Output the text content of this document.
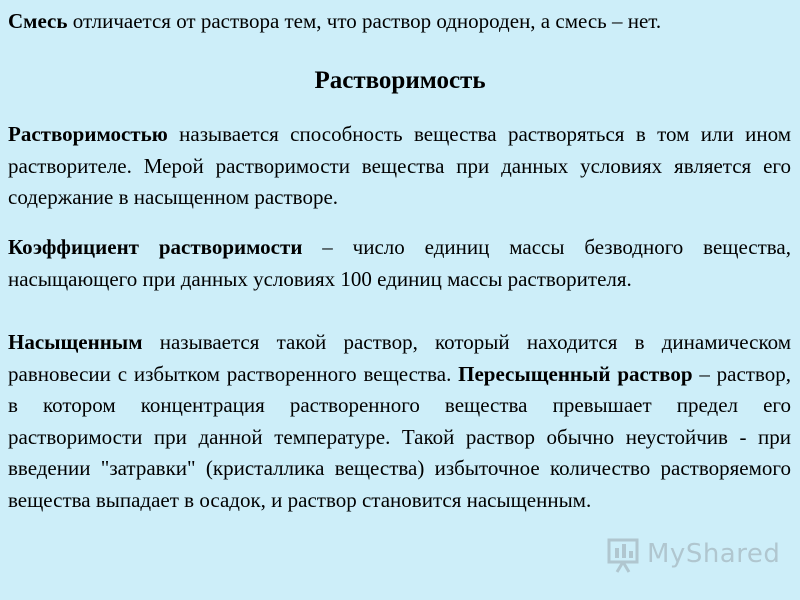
Смесь отличается от раствора тем, что раствор однороден, а смесь – нет.

Растворимость

Растворимостью называется способность вещества растворяться в том или ином растворителе. Мерой растворимости вещества при данных условиях является его содержание в насыщенном растворе.

Коэффициент растворимости – число единиц массы безводного вещества, насыщающего при данных условиях 100 единиц массы растворителя.

Насыщенным называется такой раствор, который находится в динамическом равновесии с избытком растворенного вещества. Пересыщенный раствор – раствор, в котором концентрация растворенного вещества превышает предел его растворимости при данной температуре. Такой раствор обычно неустойчив - при введении "затравки" (кристаллика вещества) избыточное количество растворяемого вещества выпадает в осадок, и раствор становится насыщенным.

MyShared
